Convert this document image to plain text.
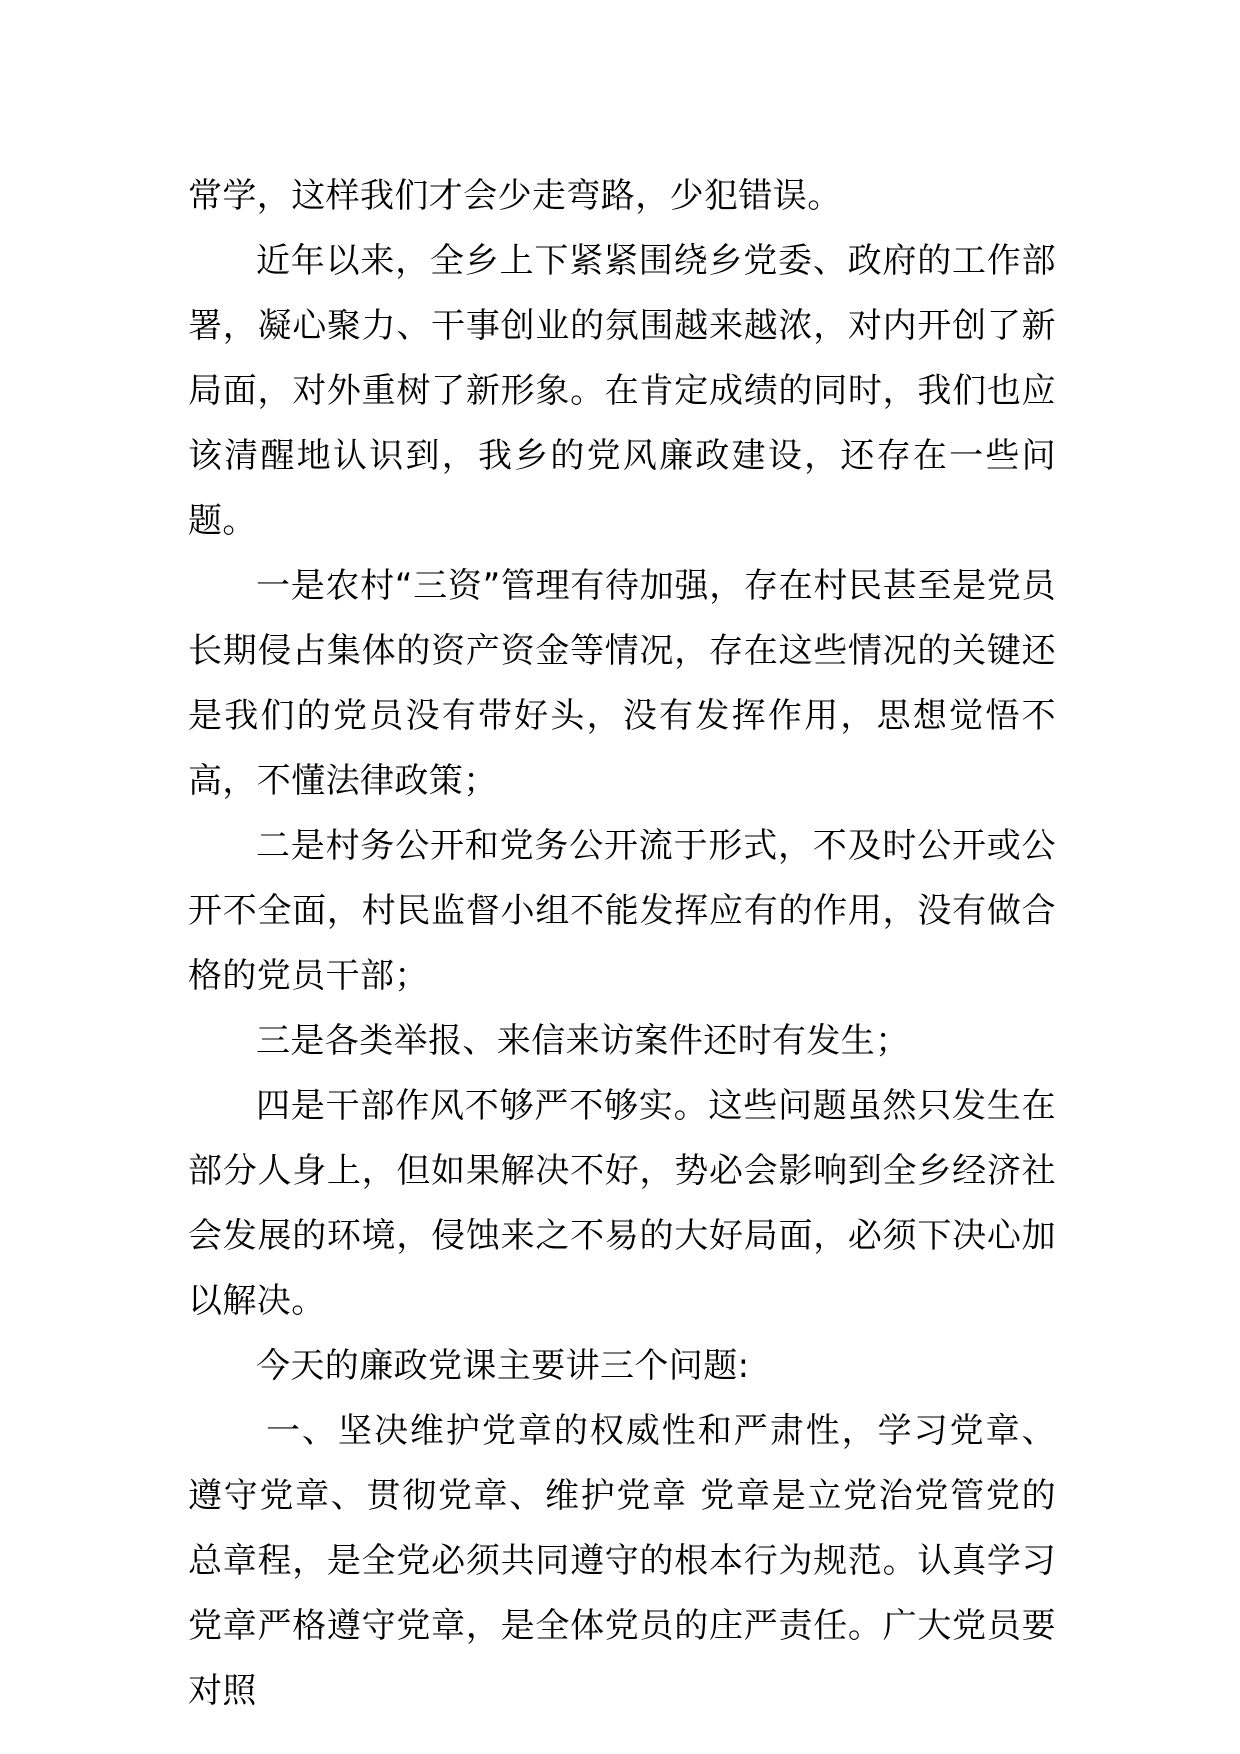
常学，这样我们才会少走弯路，少犯错误。

近年以来，全乡上下紧紧围绕乡党委、政府的工作部署，凝心聚力、干事创业的氛围越来越浓，对内开创了新局面，对外重树了新形象。在肯定成绩的同时，我们也应该清醒地认识到，我乡的党风廉政建设，还存在一些问题。

一是农村“三资”管理有待加强，存在村民甚至是党员长期侵占集体的资产资金等情况，存在这些情况的关键还是我们的党员没有带好头，没有发挥作用，思想觉悟不高，不懂法律政策；

二是村务公开和党务公开流于形式，不及时公开或公开不全面，村民监督小组不能发挥应有的作用，没有做合格的党员干部；

三是各类举报、来信来访案件还时有发生；

四是干部作风不够严不够实。这些问题虽然只发生在部分人身上，但如果解决不好，势必会影响到全乡经济社会发展的环境，侵蚀来之不易的大好局面，必须下决心加以解决。

今天的廉政党课主要讲三个问题:

一、坚决维护党章的权威性和严肃性，学习党章、遵守党章、贯彻党章、维护党章 党章是立党治党管党的总章程，是全党必须共同遵守的根本行为规范。认真学习党章严格遵守党章，是全体党员的庄严责任。广大党员要对照
